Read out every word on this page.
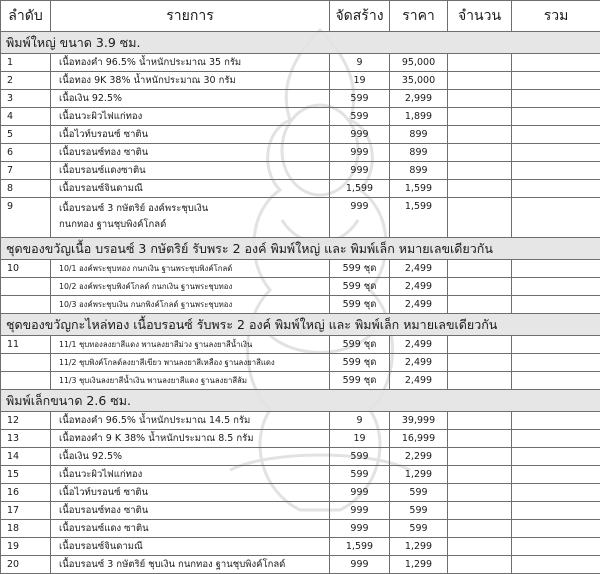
ลำดับ	รายการ	จัดสร้าง	ราคา	จำนวน	รวม
พิมพ์ใหญ่ ขนาด 3.9 ซม.					
1	เนื้อทองคำ 96.5% น้ำหนักประมาณ 35 กรัม	9	95,000		
2	เนื้อทอง 9K 38% น้ำหนักประมาณ 30 กรัม	19	35,000		
3	เนื้อเงิน 92.5%	599	2,999		
4	เนื้อนวะผิวไฟแก่ทอง	599	1,899		
5	เนื้อไวท์บรอนซ์ ซาติน	999	899		
6	เนื้อบรอนซ์ทอง ซาติน	999	899		
7	เนื้อบรอนซ์แดงซาติน	999	899		
8	เนื้อบรอนซ์จินดามณี	1,599	1,599		
9	เนื้อบรอนซ์ 3 กษัตริย์ องค์พระชุบเงิน
กนกทอง ฐานชุบพิงค์โกลด์	999	1,599		
ชุดของขวัญเนื้อ บรอนซ์ 3 กษัตริย์ รับพระ 2 องค์ พิมพ์ใหญ่ และ พิมพ์เล็ก หมายเลขเดียวกัน					
10	10/1 องค์พระชุบทอง กนกเงิน ฐานพระชุบพิงค์โกลด์	599 ชุด	2,499		
	10/2 องค์พระชุบพิงค์โกลด์ กนกเงิน ฐานพระชุบทอง	599 ชุด	2,499		
	10/3 องค์พระชุบเงิน กนกพิงค์โกลด์ ฐานพระชุบทอง	599 ชุด	2,499		
ชุดของขวัญกะไหล่ทอง เนื้อบรอนซ์ รับพระ 2 องค์ พิมพ์ใหญ่ และ พิมพ์เล็ก หมายเลขเดียวกัน					
11	11/1 ชุบทองลงยาสีแดง พานลงยาสีม่วง ฐานลงยาสีน้ำเงิน	599 ชุด	2,499		
	11/2 ชุบพิงค์โกลด์ลงยาสีเขียว พานลงยาสีเหลือง ฐานลงยาสีแดง	599 ชุด	2,499		
	11/3 ชุบเงินลงยาสีน้ำเงิน พานลงยาสีแดง ฐานลงยาสีส้ม	599 ชุด	2,499		
พิมพ์เล็กขนาด 2.6 ซม.					
12	เนื้อทองคำ 96.5% น้ำหนักประมาณ 14.5 กรัม	9	39,999		
13	เนื้อทองคำ 9 K 38% น้ำหนักประมาณ 8.5 กรัม	19	16,999		
14	เนื้อเงิน 92.5%	599	2,299		
15	เนื้อนวะผิวไฟแก่ทอง	599	1,299		
16	เนื้อไวท์บรอนซ์ ซาติน	999	599		
17	เนื้อบรอนซ์ทอง ซาติน	999	599		
18	เนื้อบรอนซ์แดง ซาติน	999	599		
19	เนื้อบรอนซ์จินดามณี	1,599	1,299		
20	เนื้อบรอนซ์ 3 กษัตริย์ ชุบเงิน กนกทอง ฐานชุบพิงค์โกลด์	999	1,299		
